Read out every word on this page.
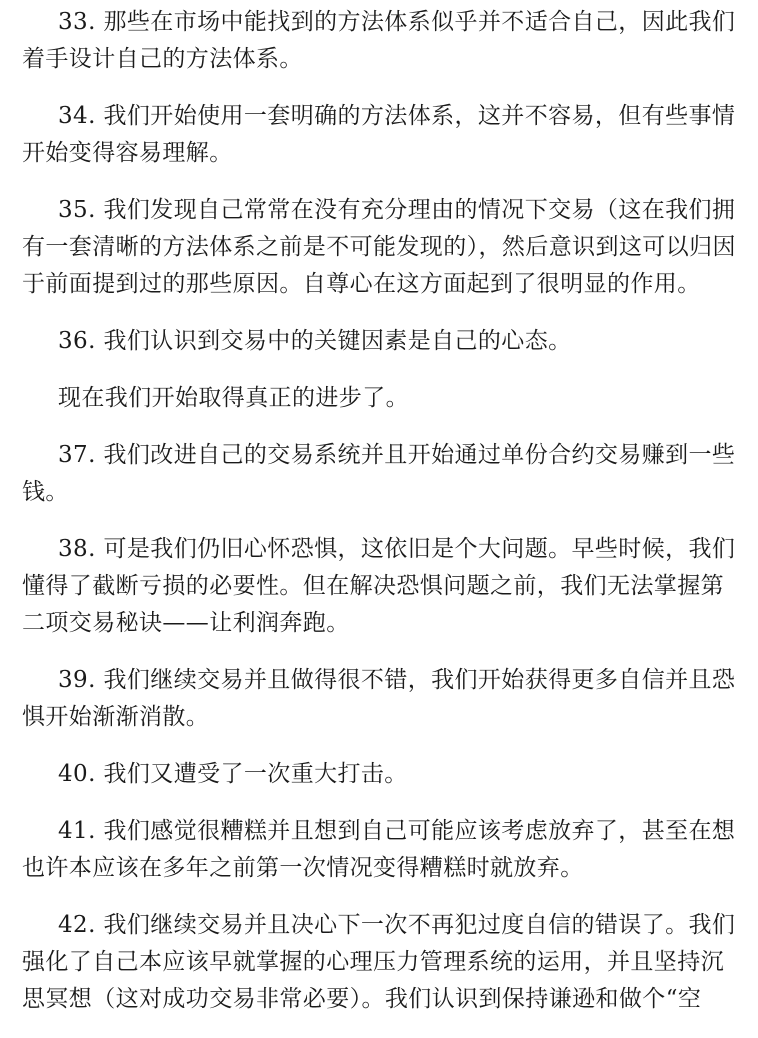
33. 那些在市场中能找到的方法体系似乎并不适合自己，因此我们着手设计自己的方法体系。

34. 我们开始使用一套明确的方法体系，这并不容易，但有些事情开始变得容易理解。

35. 我们发现自己常常在没有充分理由的情况下交易（这在我们拥有一套清晰的方法体系之前是不可能发现的），然后意识到这可以归因于前面提到过的那些原因。自尊心在这方面起到了很明显的作用。

36. 我们认识到交易中的关键因素是自己的心态。

现在我们开始取得真正的进步了。

37. 我们改进自己的交易系统并且开始通过单份合约交易赚到一些钱。

38. 可是我们仍旧心怀恐惧，这依旧是个大问题。早些时候，我们懂得了截断亏损的必要性。但在解决恐惧问题之前，我们无法掌握第二项交易秘诀——让利润奔跑。

39. 我们继续交易并且做得很不错，我们开始获得更多自信并且恐惧开始渐渐消散。

40. 我们又遭受了一次重大打击。

41. 我们感觉很糟糕并且想到自己可能应该考虑放弃了，甚至在想也许本应该在多年之前第一次情况变得糟糕时就放弃。

42. 我们继续交易并且决心下一次不再犯过度自信的错误了。我们强化了自己本应该早就掌握的心理压力管理系统的运用，并且坚持沉思冥想（这对成功交易非常必要）。我们认识到保持谦逊和做个“空
